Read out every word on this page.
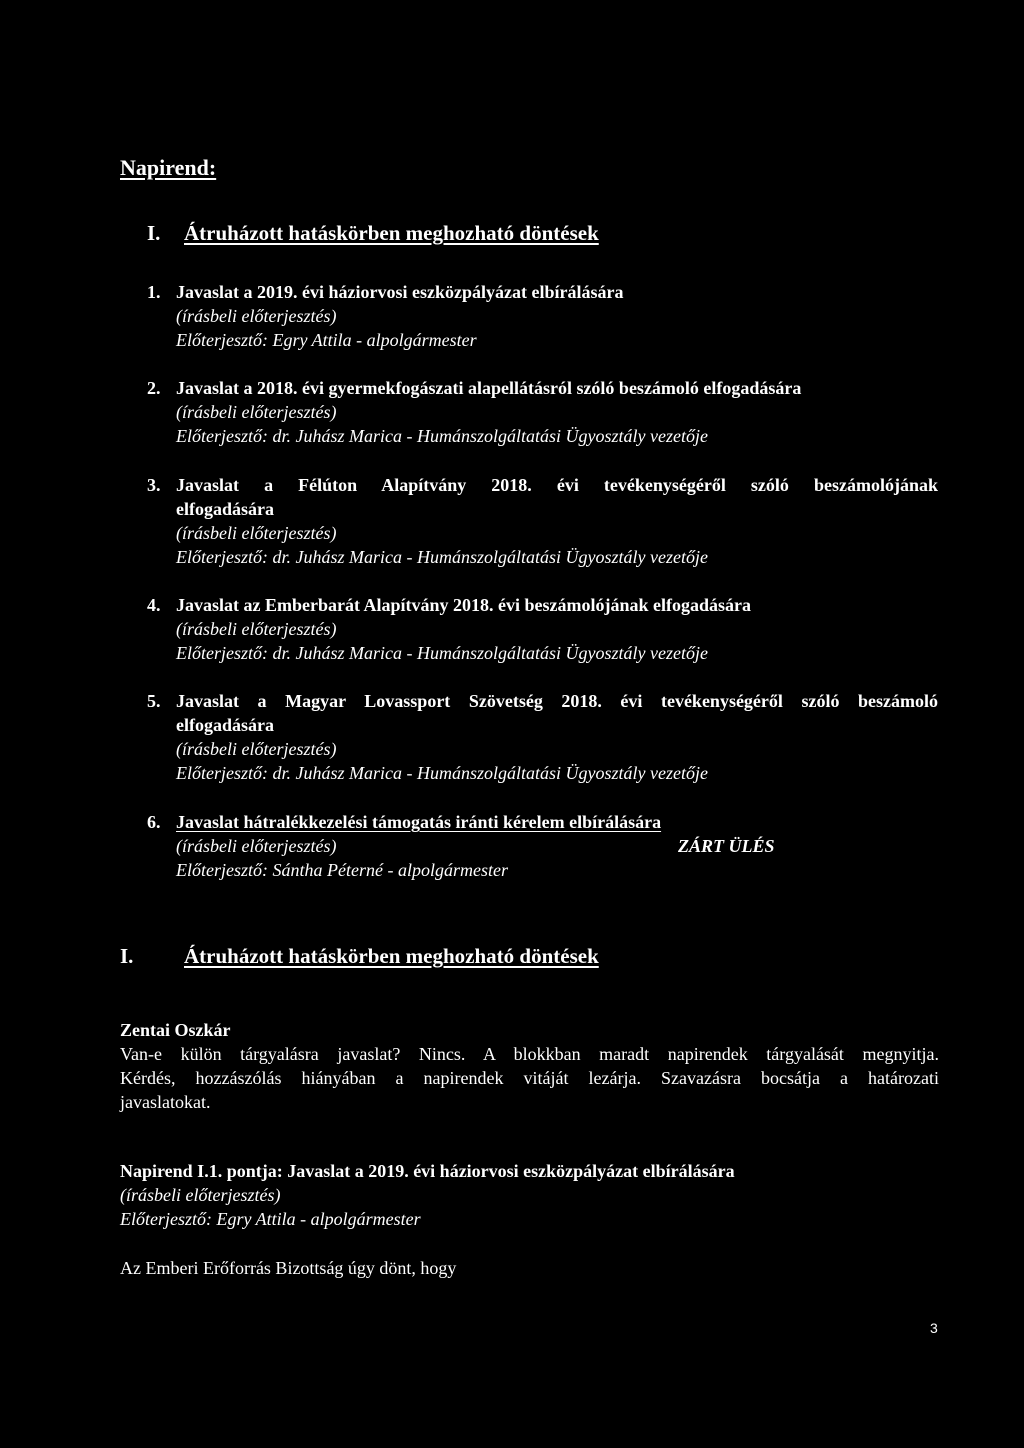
Napirend:
I. Átruházott hatáskörben meghozható döntések
1. Javaslat a 2019. évi háziorvosi eszközpályázat elbírálására
(írásbeli előterjesztés)
Előterjesztő: Egry Attila - alpolgármester
2. Javaslat a 2018. évi gyermekfogászati alapellátásról szóló beszámoló elfogadására
(írásbeli előterjesztés)
Előterjesztő: dr. Juhász Marica - Humánszolgáltatási Ügyosztály vezetője
3. Javaslat a Félúton Alapítvány 2018. évi tevékenységéről szóló beszámolójának
elfogadására
(írásbeli előterjesztés)
Előterjesztő: dr. Juhász Marica - Humánszolgáltatási Ügyosztály vezetője
4. Javaslat az Emberbarát Alapítvány 2018. évi beszámolójának elfogadására
(írásbeli előterjesztés)
Előterjesztő: dr. Juhász Marica - Humánszolgáltatási Ügyosztály vezetője
5. Javaslat a Magyar Lovassport Szövetség 2018. évi tevékenységéről szóló beszámoló
elfogadására
(írásbeli előterjesztés)
Előterjesztő: dr. Juhász Marica - Humánszolgáltatási Ügyosztály vezetője
6. Javaslat hátralékkezelési támogatás iránti kérelem elbírálására
(írásbeli előterjesztés)	ZÁRT ÜLÉS
Előterjesztő: Sántha Péterné - alpolgármester
I. Átruházott hatáskörben meghozható döntések
Zentai Oszkár
Van-e külön tárgyalásra javaslat? Nincs. A blokkban maradt napirendek tárgyalását megnyitja.
Kérdés, hozzászólás hiányában a napirendek vitáját lezárja. Szavazásra bocsátja a határozati
javaslatokat.
Napirend I.1. pontja: Javaslat a 2019. évi háziorvosi eszközpályázat elbírálására
(írásbeli előterjesztés)
Előterjesztő: Egry Attila - alpolgármester
Az Emberi Erőforrás Bizottság úgy dönt, hogy
3
